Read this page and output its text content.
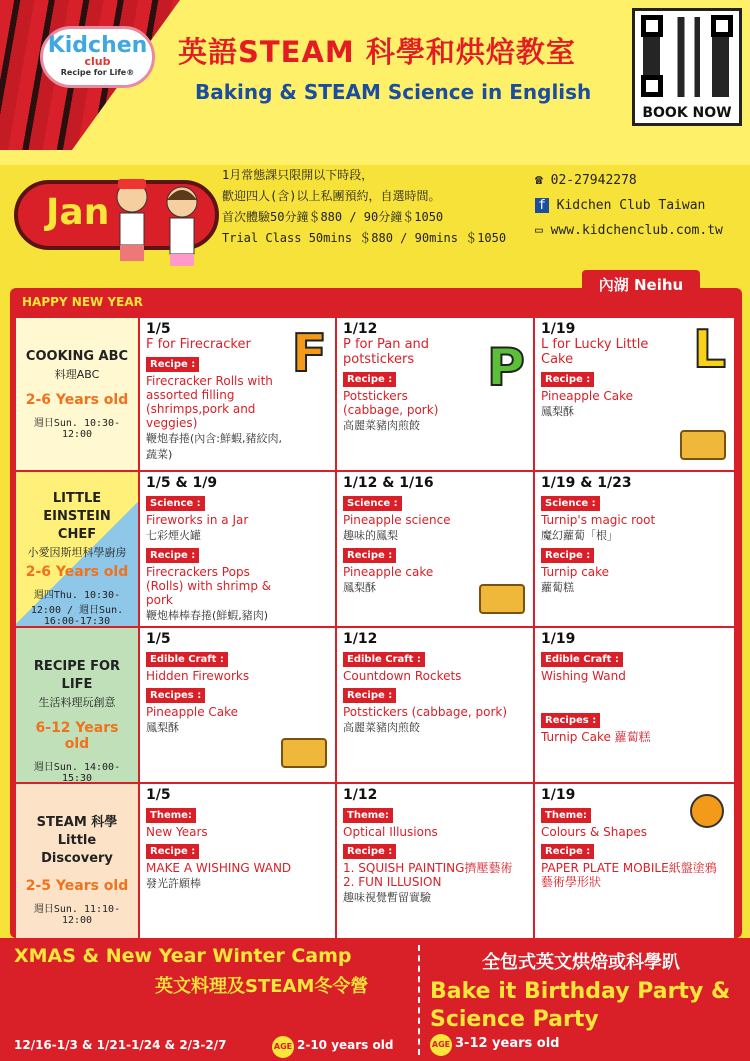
Kidchen
club
Recipe for Life®
英語STEAM 科學和烘焙教室
Baking & STEAM Science in English
BOOK NOW
Jan
1月常態課只限開以下時段，
歡迎四人(含)以上私團預約，自選時間。
首次體驗50分鐘＄880 / 90分鐘＄1050
Trial Class 50mins ＄880 / 90mins ＄1050
☎ 02-27942278
f Kidchen Club Taiwan
▭ www.kidchenclub.com.tw
內湖 Neihu
HAPPY NEW YEAR
COOKING ABC
料理ABC
2-6 Years old
週日Sun. 10:30-12:00
1/5	F
F for Firecracker
Recipe :
Firecracker Rolls with assorted filling (shrimps,pork and veggies)
鞭炮春捲(內含:鮮蝦,豬絞肉,蔬菜)
1/12
P
P for Pan and potstickers
Recipe :
Potstickers (cabbage, pork)
高麗菜豬肉煎餃
1/19	L
L for Lucky Little Cake
Recipe :
Pineapple Cake
鳳梨酥
LITTLE EINSTEIN CHEF
小愛因斯坦科學廚房
2-6 Years old
週四Thu. 10:30-12:00 / 週日Sun. 16:00-17:30
1/5 & 1/9
Science :
Fireworks in a Jar
七彩煙火罐
Recipe :
Firecrackers Pops (Rolls) with shrimp & pork
鞭炮棒棒春捲(鮮蝦,豬肉)
1/12 & 1/16
Science :
Pineapple science
趣味的鳳梨
Recipe :
Pineapple cake
鳳梨酥
1/19 & 1/23
Science :
Turnip's magic root
魔幻蘿蔔「根」
Recipe :
Turnip cake
蘿蔔糕
RECIPE FOR LIFE
生活料理玩創意
6-12 Years old
週日Sun. 14:00-15:30
1/5
Edible Craft :
Hidden Fireworks
Recipes :
Pineapple Cake
鳳梨酥
1/12
Edible Craft :
Countdown Rockets
Recipe :
Potstickers (cabbage, pork)
高麗菜豬肉煎餃
1/19
Edible Craft :
Wishing Wand
Recipes :
Turnip Cake 蘿蔔糕
STEAM 科學 Little Discovery
2-5 Years old
週日Sun. 11:10-12:00
1/5
Theme:
New Years
Recipe :
MAKE A WISHING WAND
發光許願棒
1/12
Theme:
Optical Illusions
Recipe :
1. SQUISH PAINTING擠壓藝術 2. FUN ILLUSION
趣味視覺暫留實驗
1/19
Theme:
Colours & Shapes
Recipe :
PAPER PLATE MOBILE紙盤塗鴉藝術學形狀
XMAS & New Year Winter Camp
英文料理及STEAM冬令營
12/16-1/3 & 1/21-1/24 & 2/3-2/7	AGE 2-10 years old
全包式英文烘焙或科學趴
Bake it Birthday Party &
Science Party
AGE 3-12 years old
